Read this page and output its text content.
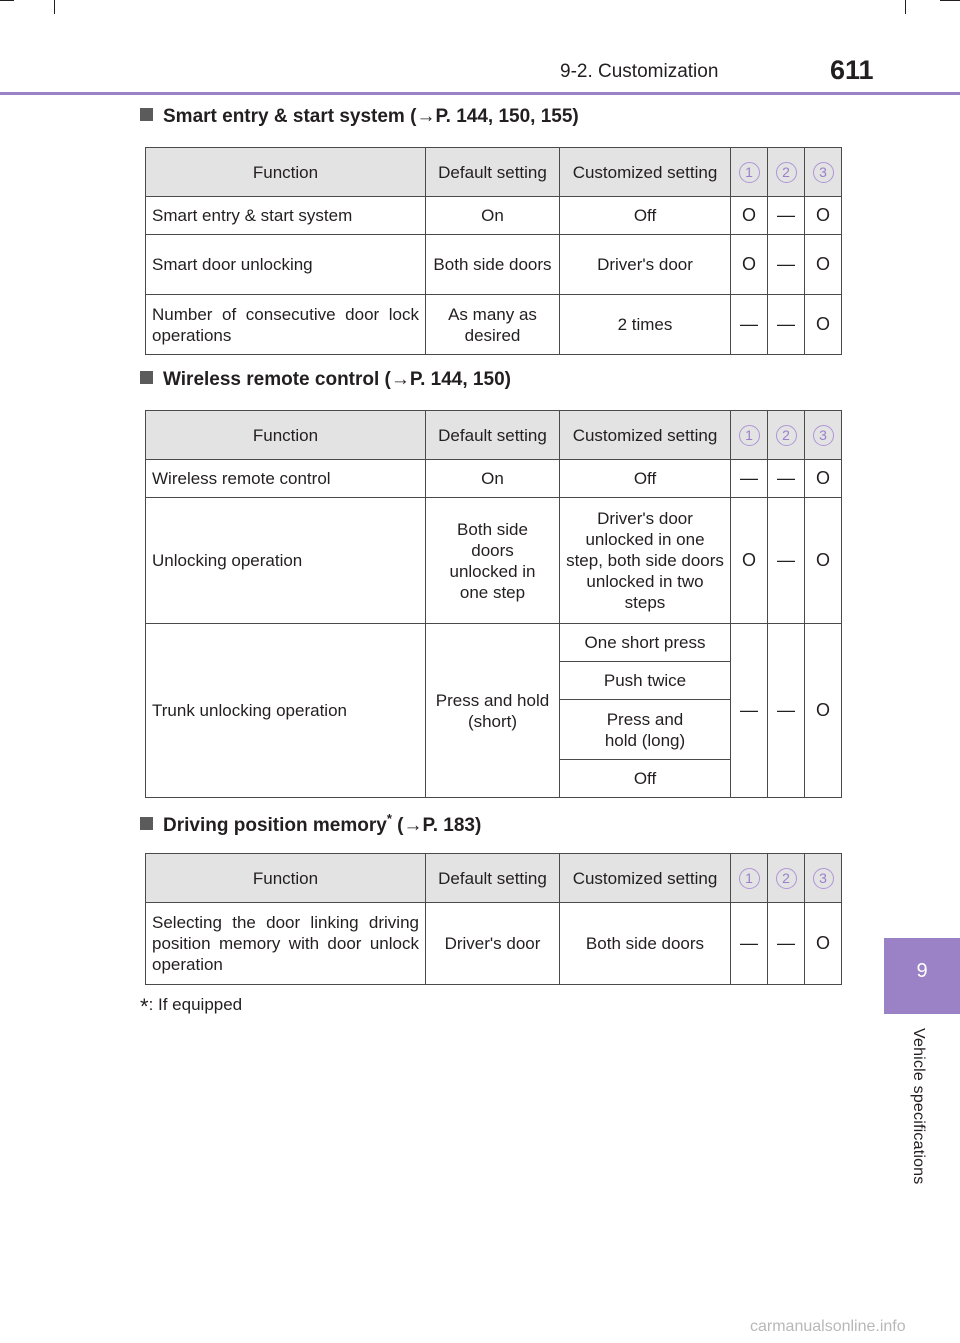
9-2. Customization	611
9
Vehicle specifications
Smart entry & start system (→P. 144, 150, 155)
Function	Default setting	Customized setting	1	2	3
Smart entry & start system	On	Off	O	—	O
Smart door unlocking	Both side doors	Driver's door	O	—	O
Number of consecutive door lock operations	As many as desired	2 times	—	—	O
Wireless remote control (→P. 144, 150)
Function	Default setting	Customized setting	1	2	3
Wireless remote control	On	Off	—	—	O
Unlocking operation	Both side doors unlocked in one step	Driver's door unlocked in one step, both side doors unlocked in two steps	O	—	O
Trunk unlocking operation	Press and hold (short)	One short press	—	—	O
		Push twice			
		Press and hold (long)			
		Off			
Driving position memory* (→P. 183)
Function	Default setting	Customized setting	1	2	3
Selecting the door linking driving position memory with door unlock operation	Driver's door	Both side doors	—	—	O
*: If equipped
carmanualsonline.info
